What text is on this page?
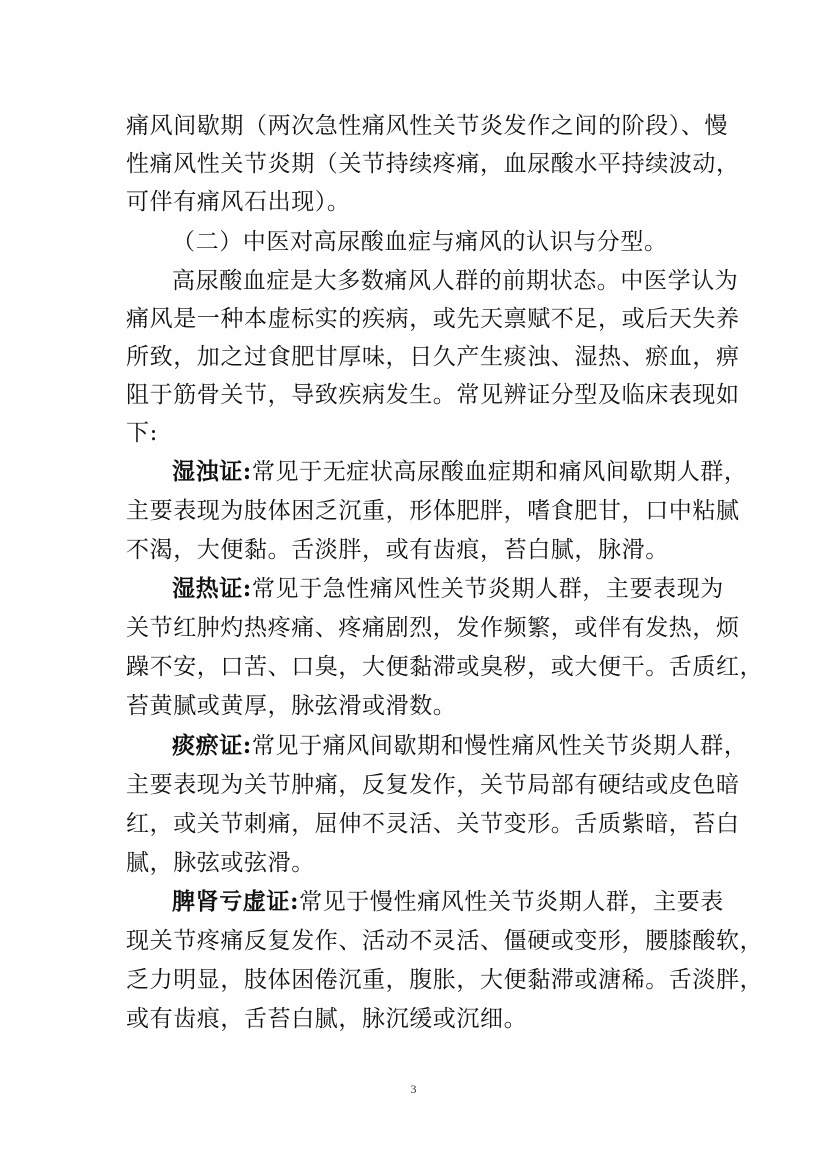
痛风间歇期（两次急性痛风性关节炎发作之间的阶段）、慢
性痛风性关节炎期（关节持续疼痛，血尿酸水平持续波动，
可伴有痛风石出现）。
（二）中医对高尿酸血症与痛风的认识与分型。
高尿酸血症是大多数痛风人群的前期状态。中医学认为
痛风是一种本虚标实的疾病，或先天禀赋不足，或后天失养
所致，加之过食肥甘厚味，日久产生痰浊、湿热、瘀血，痹
阻于筋骨关节，导致疾病发生。常见辨证分型及临床表现如
下:
湿浊证: 常见于无症状高尿酸血症期和痛风间歇期人群，
主要表现为肢体困乏沉重，形体肥胖，嗜食肥甘，口中粘腻
不渴，大便黏。舌淡胖，或有齿痕，苔白腻，脉滑。
湿热证: 常见于急性痛风性关节炎期人群，主要表现为
关节红肿灼热疼痛、疼痛剧烈，发作频繁，或伴有发热，烦
躁不安，口苦、口臭，大便黏滞或臭秽，或大便干。舌质红，
苔黄腻或黄厚，脉弦滑或滑数。
痰瘀证: 常见于痛风间歇期和慢性痛风性关节炎期人群，
主要表现为关节肿痛，反复发作，关节局部有硬结或皮色暗
红，或关节刺痛，屈伸不灵活、关节变形。舌质紫暗，苔白
腻，脉弦或弦滑。
脾肾亏虚证: 常见于慢性痛风性关节炎期人群，主要表
现关节疼痛反复发作、活动不灵活、僵硬或变形，腰膝酸软，
乏力明显，肢体困倦沉重，腹胀，大便黏滞或溏稀。舌淡胖，
或有齿痕，舌苔白腻，脉沉缓或沉细。
3
